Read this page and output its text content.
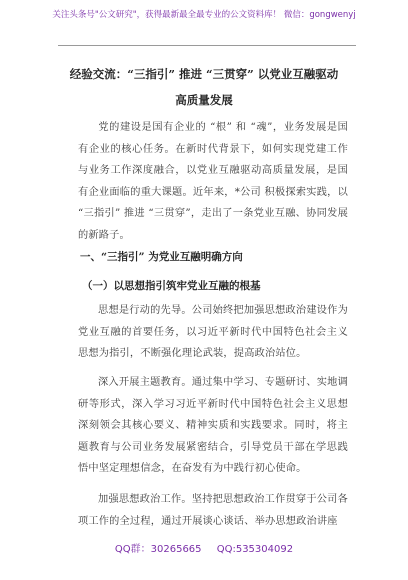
关注头条号"公文研究"，获得最新最全最专业的公文资料库！ 微信：gongwenyj
经验交流：“三指引” 推进 “三贯穿” 以党业互融驱动
高质量发展
党的建设是国有企业的 “根” 和 “魂”，业务发展是国有企业的核心任务。在新时代背景下，如何实现党建工作与业务工作深度融合，以党业互融驱动高质量发展，是国有企业面临的重大课题。近年来，*公司 积极探索实践，以 “三指引” 推进 “三贯穿”，走出了一条党业互融、协同发展的新路子。
一、“三指引” 为党业互融明确方向
（一）以思想指引筑牢党业互融的根基
思想是行动的先导。公司始终把加强思想政治建设作为党业互融的首要任务，以习近平新时代中国特色社会主义思想为指引，不断强化理论武装，提高政治站位。
深入开展主题教育。通过集中学习、专题研讨、实地调研等形式，深入学习习近平新时代中国特色社会主义思想深刻领会其核心要义、精神实质和实践要求。同时，将主题教育与公司业务发展紧密结合，引导党员干部在学思践悟中坚定理想信念，在奋发有为中践行初心使命。
加强思想政治工作。坚持把思想政治工作贯穿于公司各项工作的全过程，通过开展谈心谈话、举办思想政治讲座
QQ群：30265665 QQ:535304092
